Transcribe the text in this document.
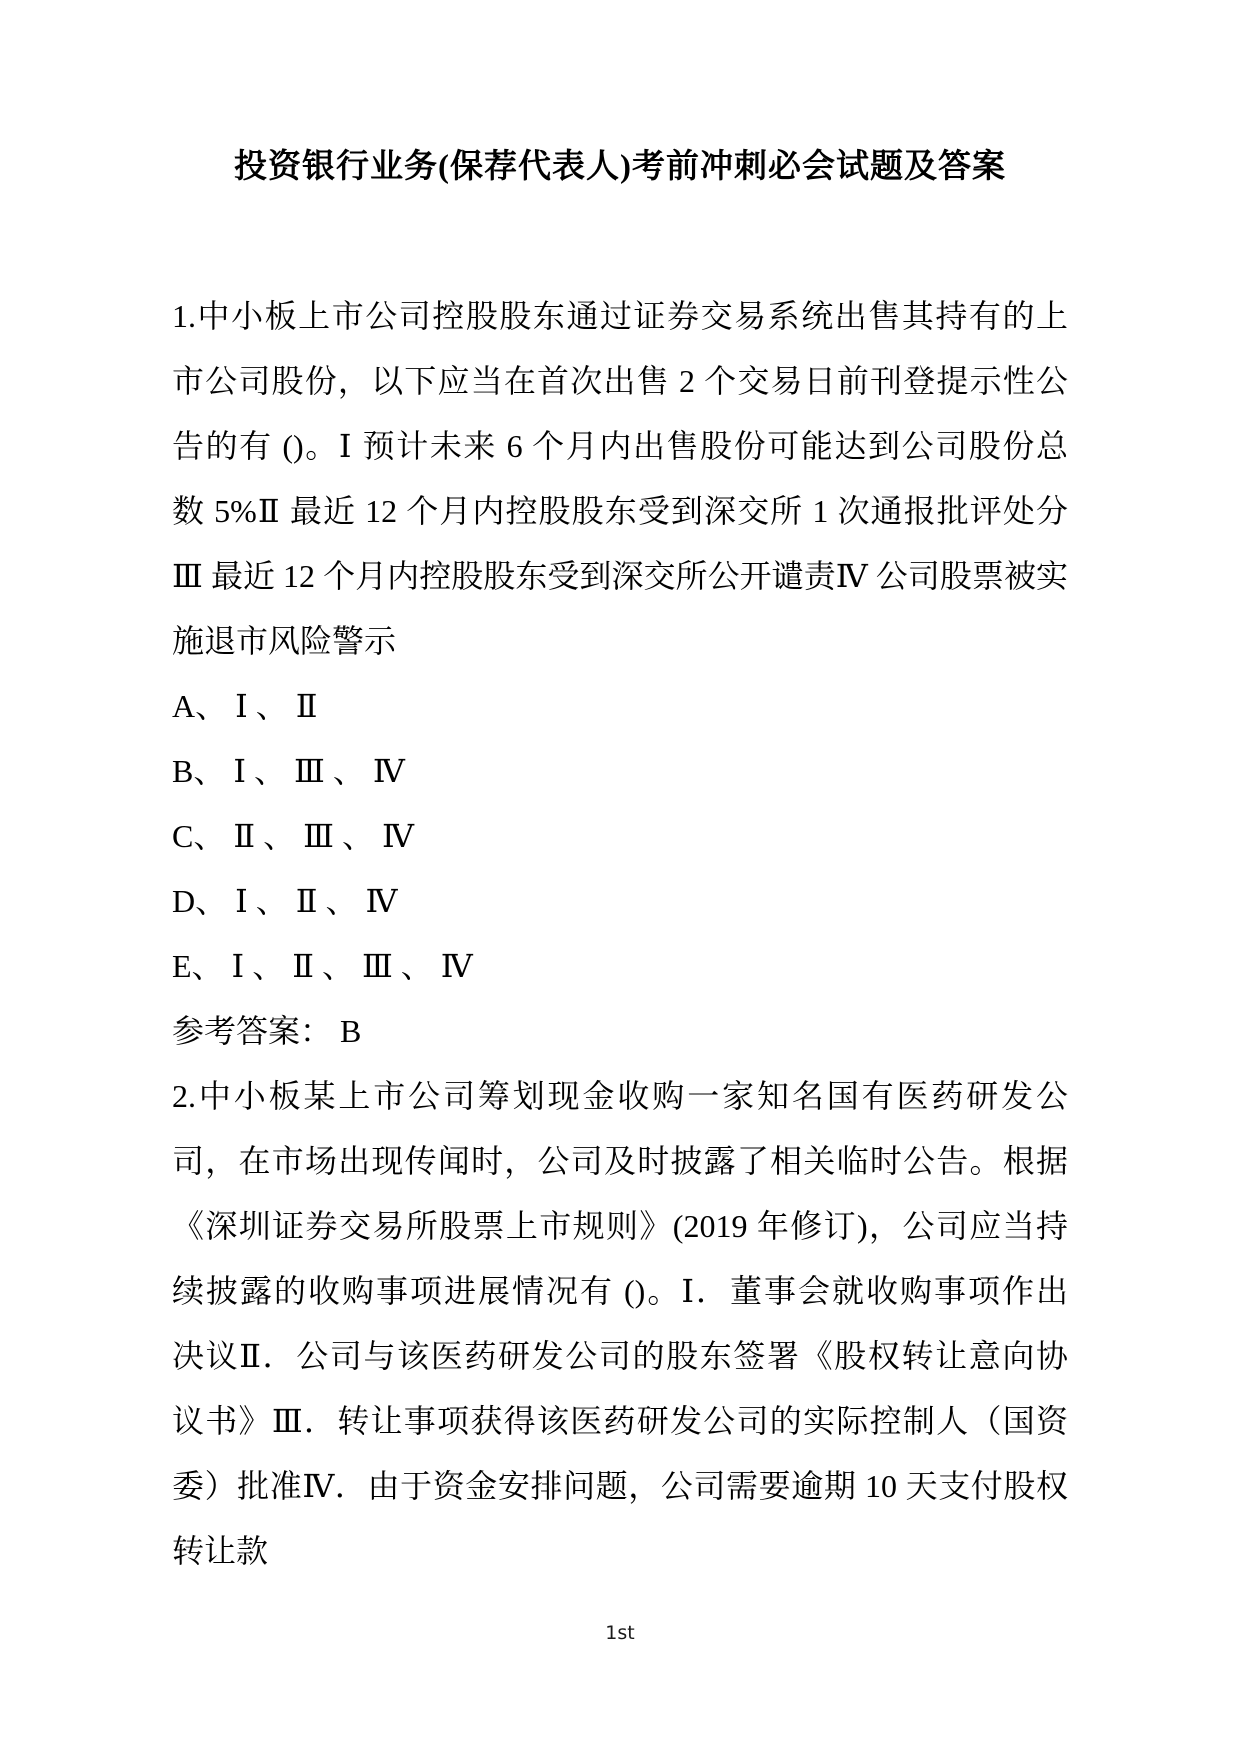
投资银行业务(保荐代表人)考前冲刺必会试题及答案
1.中小板上市公司控股股东通过证券交易系统出售其持有的上
市公司股份，以下应当在首次出售 2 个交易日前刊登提示性公
告的有 ()。Ⅰ 预计未来 6 个月内出售股份可能达到公司股份总
数 5%Ⅱ 最近 12 个月内控股股东受到深交所 1 次通报批评处分
Ⅲ 最近 12 个月内控股股东受到深交所公开谴责Ⅳ 公司股票被实
施退市风险警示
A、 Ⅰ 、 Ⅱ
B、 Ⅰ 、 Ⅲ 、 Ⅳ
C、 Ⅱ 、 Ⅲ 、 Ⅳ
D、 Ⅰ 、 Ⅱ 、 Ⅳ
E、 Ⅰ 、 Ⅱ 、 Ⅲ 、 Ⅳ
参考答案： B
2.中小板某上市公司筹划现金收购一家知名国有医药研发公
司，在市场出现传闻时，公司及时披露了相关临时公告。根据
《深圳证券交易所股票上市规则》(2019 年修订)，公司应当持
续披露的收购事项进展情况有 ()。Ⅰ．董事会就收购事项作出
决议Ⅱ．公司与该医药研发公司的股东签署《股权转让意向协
议书》Ⅲ．转让事项获得该医药研发公司的实际控制人（国资
委）批准Ⅳ．由于资金安排问题，公司需要逾期 10 天支付股权
转让款
1st
